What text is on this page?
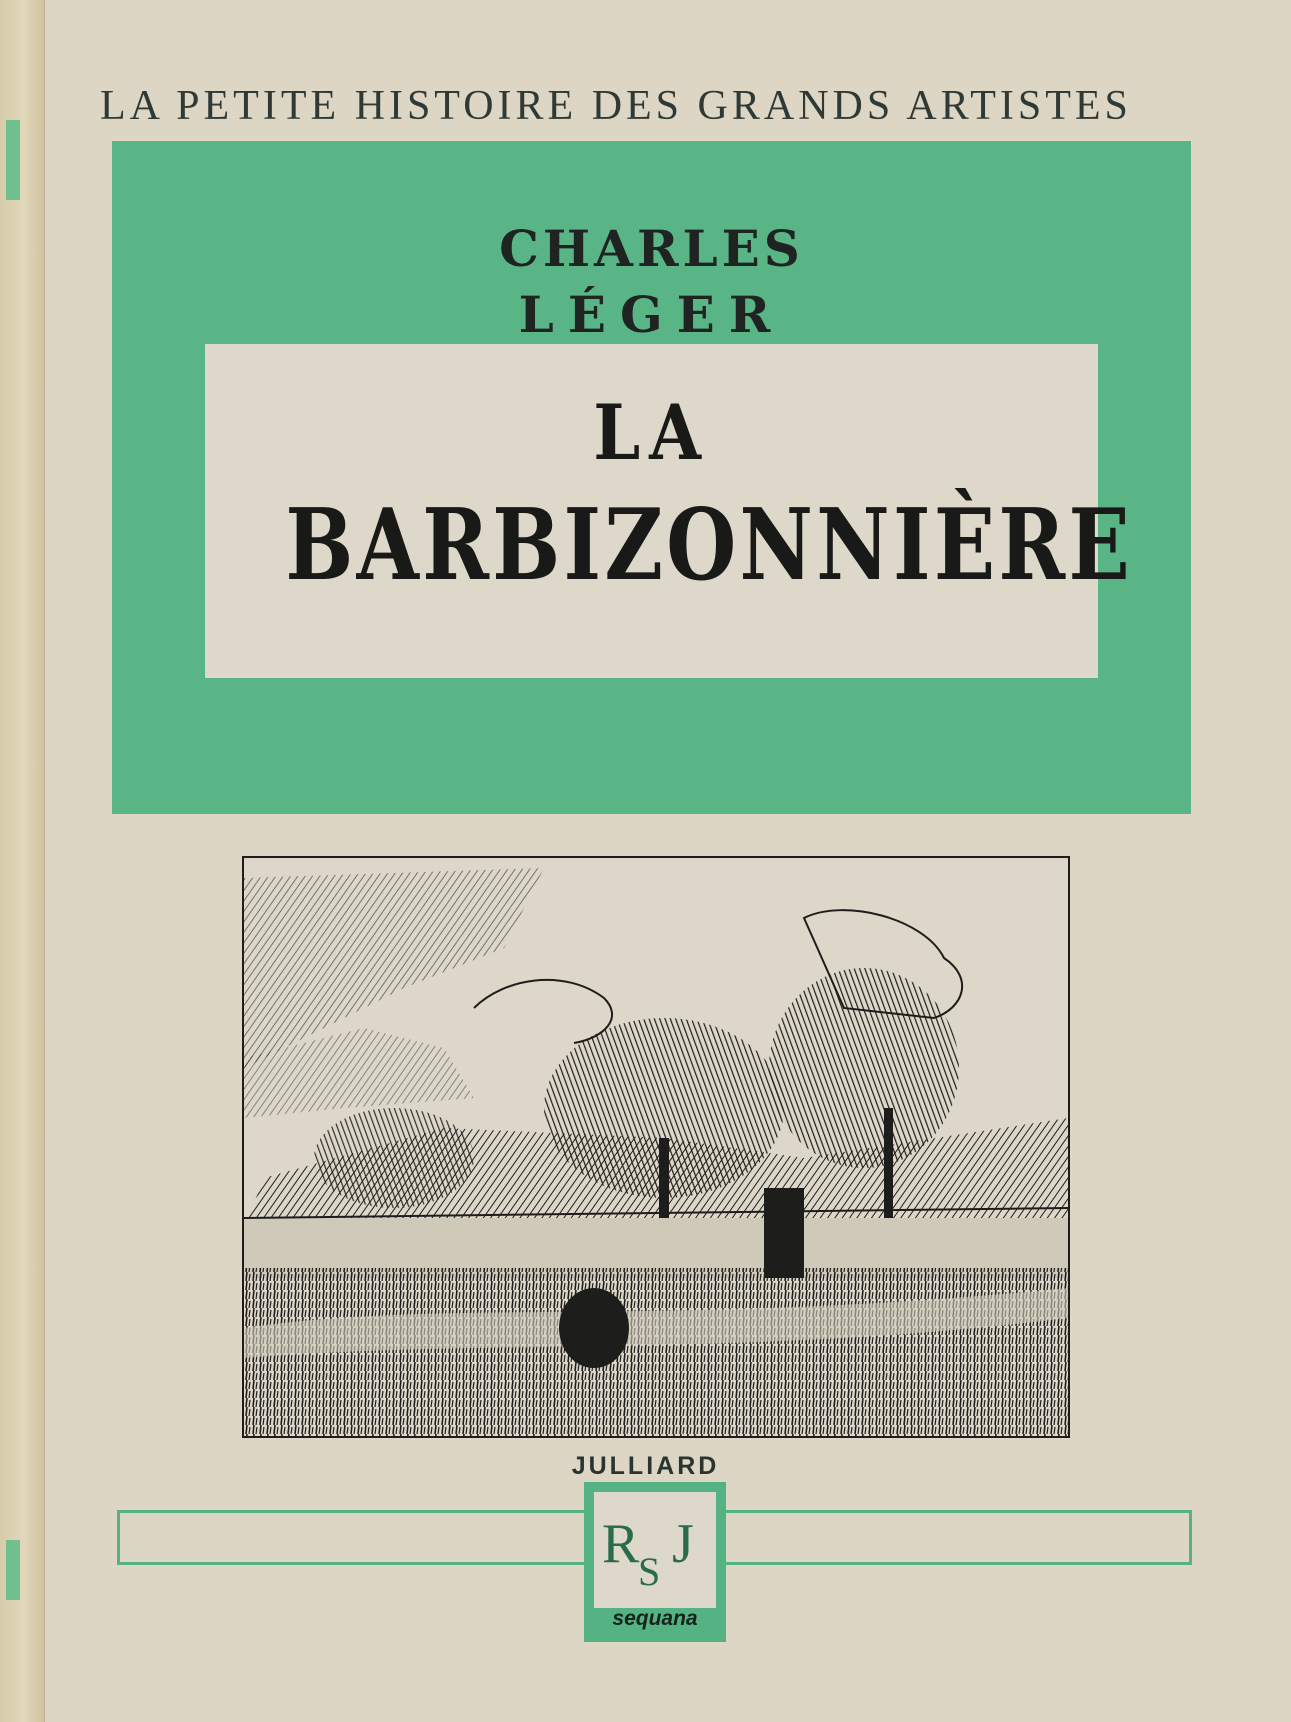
LA PETITE HISTOIRE DES GRANDS ARTISTES
CHARLES
LÉGER
LA
BARBIZONNIÈRE
JULLIARD
R
S J
sequana
